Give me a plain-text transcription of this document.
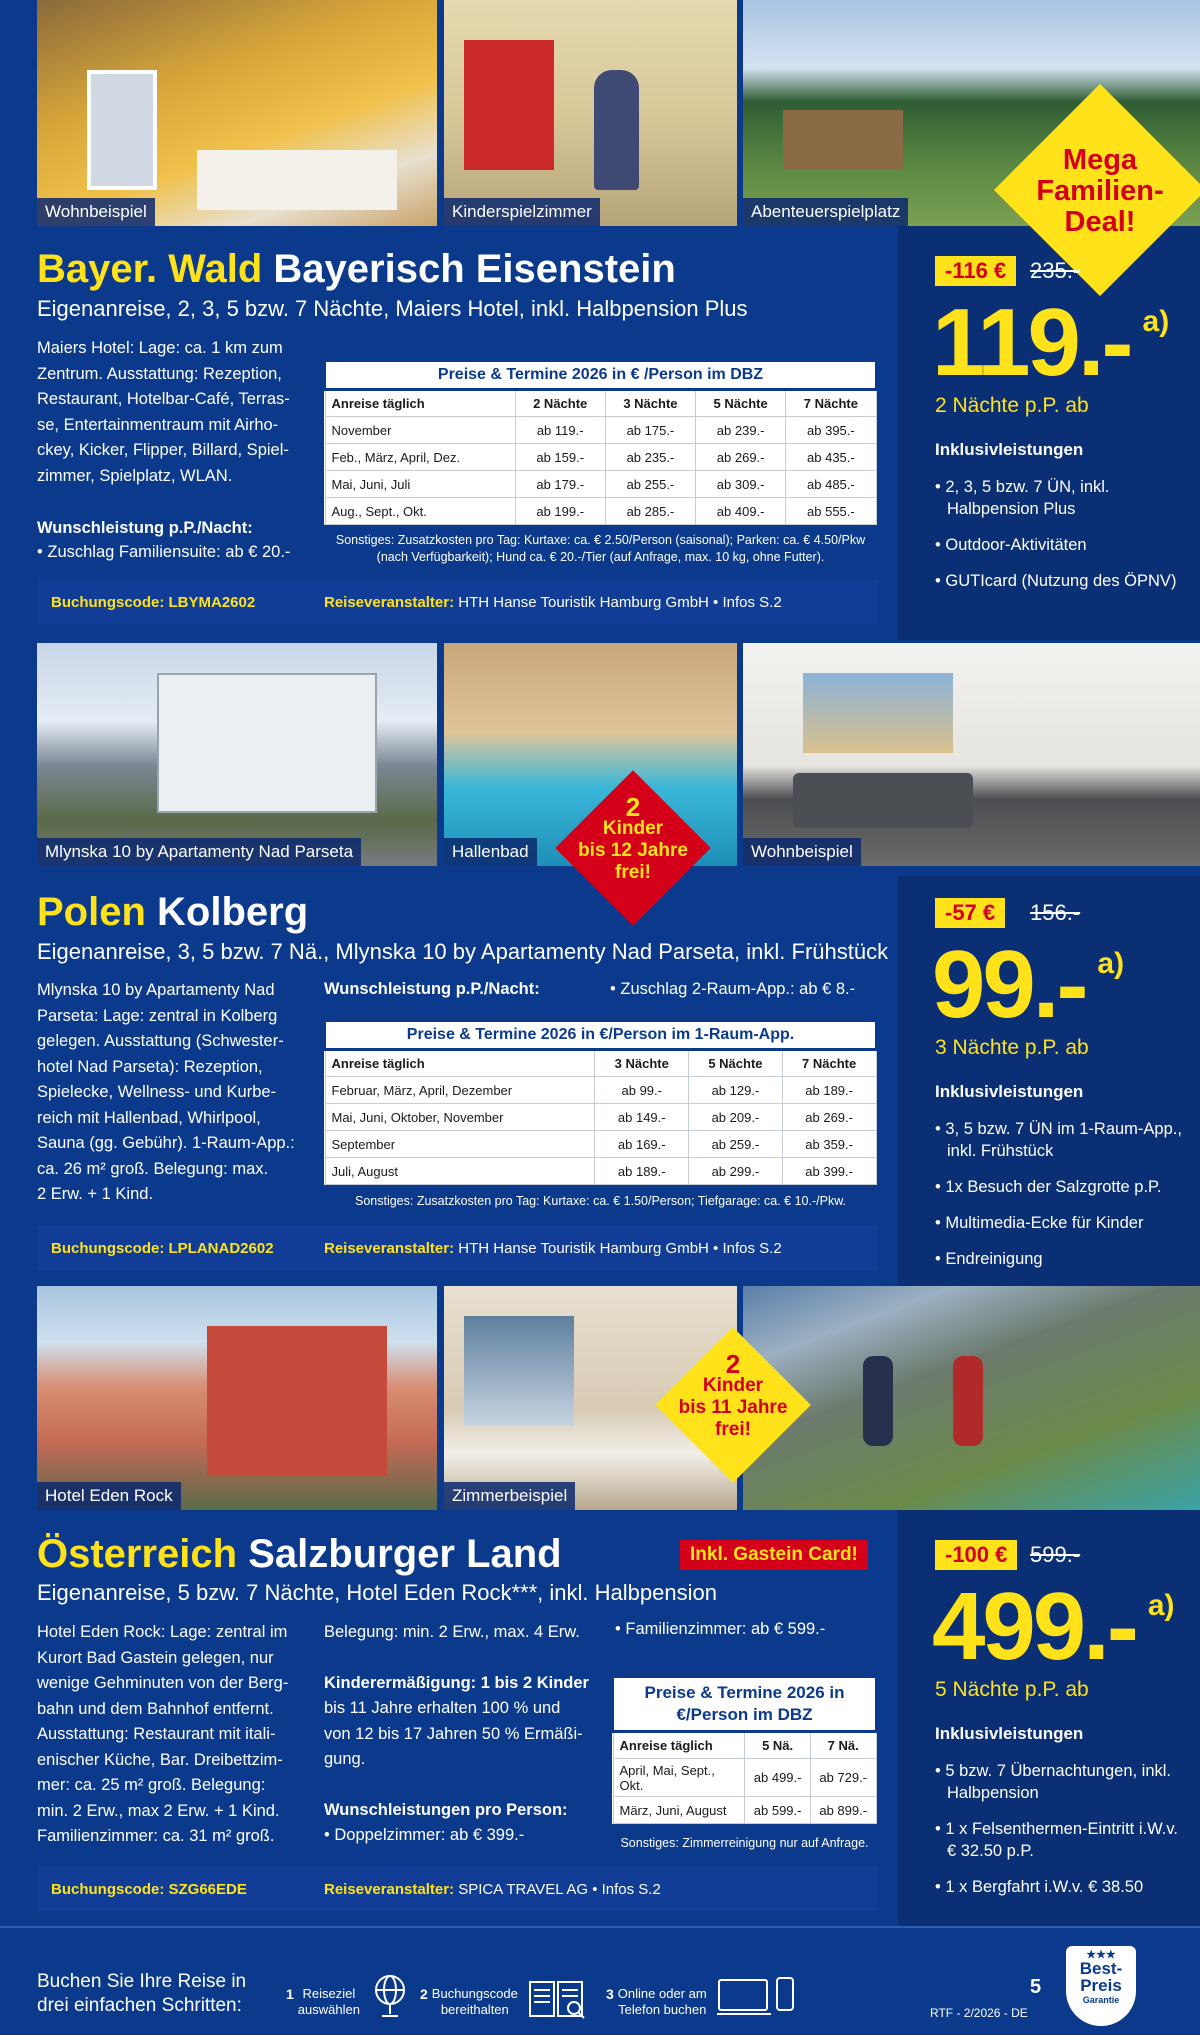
Wohnbeispiel	Kinderspielzimmer	Abenteuerspielplatz
Mega
Familien-
Deal!
Bayer. Wald Bayerisch Eisenstein
Eigenanreise, 2, 3, 5 bzw. 7 Nächte, Maiers Hotel, inkl. Halbpension Plus
Maiers Hotel: Lage: ca. 1 km zum
Zentrum. Ausstattung: Rezeption,
Restaurant, Hotelbar-Café, Terras-
se, Entertainmentraum mit Airho-
ckey, Kicker, Flipper, Billard, Spiel-
zimmer, Spielplatz, WLAN.
Wunschleistung p.P./Nacht:
• Zuschlag Familiensuite: ab € 20.-
Preise & Termine 2026 in € /Person im DBZ				
Anreise täglich	2 Nächte	3 Nächte	5 Nächte	7 Nächte
November	ab 119.-	ab 175.-	ab 239.-	ab 395.-
Feb., März, April, Dez.	ab 159.-	ab 235.-	ab 269.-	ab 435.-
Mai, Juni, Juli	ab 179.-	ab 255.-	ab 309.-	ab 485.-
Aug., Sept., Okt.	ab 199.-	ab 285.-	ab 409.-	ab 555.-
Sonstiges: Zusatzkosten pro Tag: Kurtaxe: ca. € 2.50/Person (saisonal); Parken: ca. € 4.50/Pkw (nach Verfügbarkeit); Hund ca. € 20.-/Tier (auf Anfrage, max. 10 kg, ohne Futter).
Buchungscode: LBYMA2602	Reiseveranstalter:
HTH Hanse Touristik Hamburg GmbH • Infos S.2
-116 €	235.-
119.- $^{a)}$
2 Nächte p.P. ab
Inklusivleistungen
• 2, 3, 5 bzw. 7 ÜN, inkl. Halbpension Plus
• Outdoor-Aktivitäten
• GUTIcard (Nutzung des ÖPNV)
Mlynska 10 by Apartamenty Nad Parseta	Hallenbad	Wohnbeispiel
2
Kinder
bis 12 Jahre
frei!
Polen Kolberg
Eigenanreise, 3, 5 bzw. 7 Nä., Mlynska 10 by Apartamenty Nad Parseta, inkl. Frühstück
Mlynska 10 by Apartamenty Nad
Parseta: Lage: zentral in Kolberg
gelegen. Ausstattung (Schwester-
hotel Nad Parseta): Rezeption,
Spielecke, Wellness- und Kurbe-
reich mit Hallenbad, Whirlpool,
Sauna (gg. Gebühr). 1-Raum-App.:
ca. 26 m² groß. Belegung: max.
2 Erw. + 1 Kind.
Wunschleistung p.P./Nacht:	• Zuschlag 2-Raum-App.: ab € 8.-
Preise & Termine 2026 in €/Person im 1-Raum-App.			
Anreise täglich	3 Nächte	5 Nächte	7 Nächte
Februar, März, April, Dezember	ab 99.-	ab 129.-	ab 189.-
Mai, Juni, Oktober, November	ab 149.-	ab 209.-	ab 269.-
September	ab 169.-	ab 259.-	ab 359.-
Juli, August	ab 189.-	ab 299.-	ab 399.-
Sonstiges: Zusatzkosten pro Tag: Kurtaxe: ca. € 1.50/Person; Tiefgarage: ca. € 10.-/Pkw.
Buchungscode: LPLANAD2602	Reiseveranstalter:
HTH Hanse Touristik Hamburg GmbH • Infos S.2
-57 €	156.-
99.- $^{a)}$
3 Nächte p.P. ab
Inklusivleistungen
• 3, 5 bzw. 7 ÜN im 1-Raum-App., inkl. Frühstück
• 1x Besuch der Salzgrotte p.P.
• Multimedia-Ecke für Kinder
• Endreinigung
Hotel Eden Rock	Zimmerbeispiel
2
Kinder
bis 11 Jahre
frei!
Österreich Salzburger Land	Inkl. Gastein Card!
Eigenanreise, 5 bzw. 7 Nächte, Hotel Eden Rock***, inkl. Halbpension
Hotel Eden Rock: Lage: zentral im
Kurort Bad Gastein gelegen, nur
wenige Gehminuten von der Berg-
bahn und dem Bahnhof entfernt.
Ausstattung: Restaurant mit itali-
enischer Küche, Bar. Dreibettzim-
mer: ca. 25 m² groß. Belegung:
min. 2 Erw., max 2 Erw. + 1 Kind.
Familienzimmer: ca. 31 m² groß.
Belegung: min. 2 Erw., max. 4 Erw.
Kinderermäßigung: 1 bis 2 Kinder
bis 11 Jahre erhalten 100 % und
von 12 bis 17 Jahren 50 % Ermäßi-
gung.
Wunschleistungen pro Person:
• Doppelzimmer: ab € 399.-
• Familienzimmer: ab € 599.-
Preise & Termine 2026 in €/Person im DBZ		
Anreise täglich	5 Nä.	7 Nä.
April, Mai, Sept., Okt.	ab 499.-	ab 729.-
März, Juni, August	ab 599.-	ab 899.-
Sonstiges: Zimmerreinigung nur auf Anfrage.
Buchungscode: SZG66EDE	Reiseveranstalter:
SPICA TRAVEL AG • Infos S.2
-100 €	599.-
499.- $^{a)}$
5 Nächte p.P. ab
Inklusivleistungen
• 5 bzw. 7 Übernachtungen, inkl. Halbpension
• 1 x Felsenthermen-Eintritt i.W.v. € 32.50 p.P.
• 1 x Bergfahrt i.W.v. € 38.50
Buchen Sie Ihre Reise in
drei einfachen Schritten:
1 Reiseziel
auswählen
2 Buchungscode
bereithalten
3 Online oder am
Telefon buchen
5
RTF - 2/2026 - DE
★★★
Best-
Preis
Garantie
